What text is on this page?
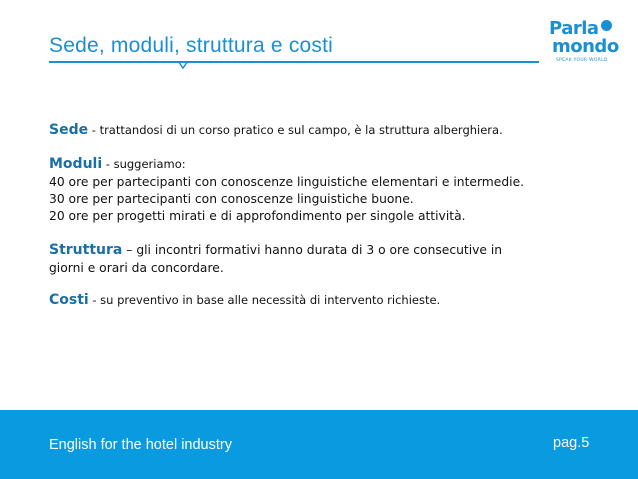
Sede, moduli, struttura e costi
Parla
mondo
SPEAK YOUR WORLD

Sede - trattandosi di un corso pratico e sul campo, è la struttura alberghiera.

Moduli - suggeriamo:

40 ore per partecipanti con conoscenze linguistiche elementari e intermedie.

30 ore per partecipanti con conoscenze linguistiche buone.

20 ore per progetti mirati e di approfondimento per singole attività.

Struttura – gli incontri formativi hanno durata di 3 o ore consecutive in

giorni e orari da concordare.

Costi - su preventivo in base alle necessità di intervento richieste.

English for the hotel industry	pag.5
